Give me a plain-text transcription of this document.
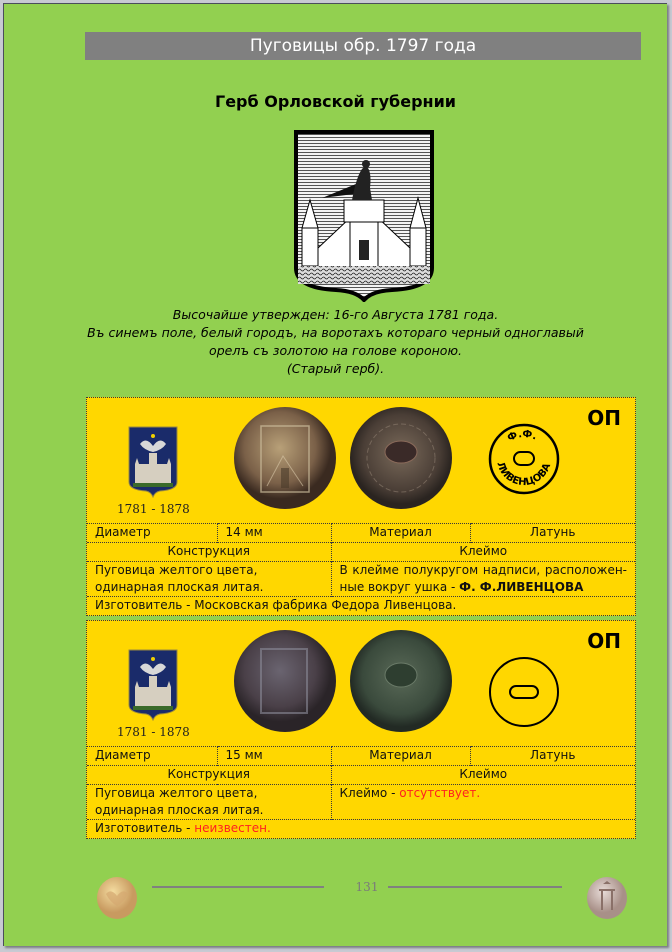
Пуговицы обр. 1797 года
Герб Орловской губернии
Высочайше утвержден: 16-го Августа 1781 года.
Въ синемъ поле, белый городъ, на воротахъ котораго черный одноглавый
орелъ съ золотою на голове короною.
(Старый герб).
1781 - 1878
Ф.Ф.
ЛИВЕНЦОВА
ОП
Диаметр	14 мм	Материал	Латунь
Конструкция		Клеймо	
Пуговица желтого цвета, одинарная плоская литая.		В клейме полукругом надписи, расположен-ные вокруг ушка - Ф. Ф.ЛИВЕНЦОВА	
Изготовитель - Московская фабрика Федора Ливенцова.			
1781 - 1878
ОП
Диаметр	15 мм	Материал	Латунь
Конструкция		Клеймо	
Пуговица желтого цвета, одинарная плоская литая.		Клеймо - отсутствует.	
Изготовитель - неизвестен.			
131
